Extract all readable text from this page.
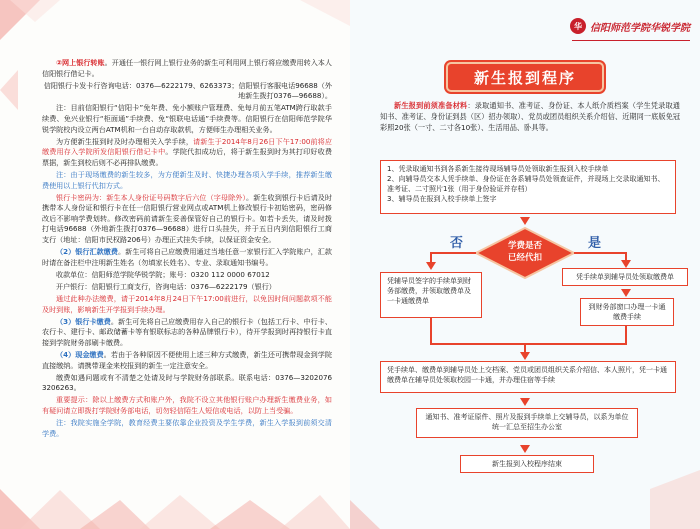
②网上银行转账。开通任一银行网上银行业务的新生可利用网上银行将应缴费用转入本人信阳银行借记卡。

信阳银行卡发卡行咨询电话：0376—6222179、6263373；信阳银行客服电话96688（外地新生拨打0376—96688）。

注：目前信阳银行“信阳卡”免年费、免小额账户管理费、免每月前五笔ATM跨行取款手续费、免兴业银行“柜面通”手续费、免“银联电话通”手续费等。信阳银行在信阳师范学院华锐学院校内设立两台ATM机和一台自动存取款机，方便师生办理相关业务。

为方便新生报到时及时办理相关入学手续，请新生于2014年8月26日下午17:00前将应缴费用存入学院所发信阳银行借记卡中。学院代扣成功后，将于新生报到时为其打印好收费票据，新生到校后则不必再排队缴费。

注：由于现场缴费的新生较多，为方便新生及时、快捷办理各项入学手续，推荐新生缴费使用以上银行代扣方式。

银行卡密码为：新生本人身份证号码数字后六位（字母除外）。新生收到银行卡后请及时携带本人身份证和银行卡在任一信阳银行营业网点或ATM机上修改银行卡初始密码，密码修改后不影响学费划转。修改密码前请新生妥善保管好自己的银行卡。如若卡丢失，请及时拨打电话96688（外地新生拨打0376—96688）进行口头挂失，并于五日内到信阳银行工商支行（地址：信阳市民权路206号）办理正式挂失手续，以保证资金安全。

（2）银行汇款缴费。新生可将自己应缴费用通过当地任意一家银行汇入学院账户，汇款时请在备注栏中注明新生姓名（勿填家长姓名）、专业、录取通知书编号。

收款单位：信阳师范学院华锐学院；账号：0320 112 0000 67012

开户银行：信阳银行工商支行，咨询电话：0376—6222179（银行）

通过此种办法缴费，请于2014年8月24日下午17:00前进行，以免因时间问题款项不能及时到账，影响新生开学报到手续办理。

（3）银行卡缴费。新生可先将自己应缴费用存入自己的银行卡（包括工行卡、中行卡、农行卡、建行卡、邮政储蓄卡等有银联标志的各种品牌银行卡），待开学报到时再持银行卡直接到学院财务部刷卡缴费。

（4）现金缴费。若由于各种原因不便使用上述三种方式缴费，新生还可携带现金到学院直接缴纳。请携带现金来校报到的新生一定注意安全。

缴费如遇问题或有不清楚之处请及时与学院财务部联系。联系电话：0376—3202076 3206263。

重要提示：除以上缴费方式和账户外，我院不设立其他银行账户办理新生缴费业务，如有疑问请立即拨打学院财务部电话，切勿轻信陌生人短信或电话，以防上当受骗。

注：我院实施全学院，教育经费主要依靠企业投资及学生学费，新生入学报到前须交清学费。

华 信阳师范学院华锐学院
新生报到程序
新生报到前须准备材料：录取通知书、准考证、身份证、本人纸介质档案（学生凭录取通知书、准考证、身份证到县（区）招办领取）、党员或团员组织关系介绍信、近期同一底版免冠彩照20张（一寸、二寸各10张）、生活用品、卧具等。
1、凭录取通知书到各系新生接待现场辅导员处领取新生报到入校手续单
2、向辅导员交本人凭手续单、身份证在各系辅导员处领查证件，并现场上交录取通知书、准考证、二寸照片1张（用于身份验证并存档）
3、辅导员在报到入校手续单上签字
学费是否
已经代扣
否	是
凭辅导员签字的手续单到财务部缴费，并领取缴费单及一卡通缴费单
凭手续单到辅导员处领取缴费单
到财务部窗口办理一卡通缴费手续
凭手续单、缴费单到辅导员处上交档案、党员或团员组织关系介绍信、本人照片，凭一卡通缴费单在辅导员处领取校园一卡通，并办理住宿等手续
通知书、准考证原件、照片及报到手续单上交辅导员，以系为单位统一汇总至招生办公室
新生报到入校程序结束
